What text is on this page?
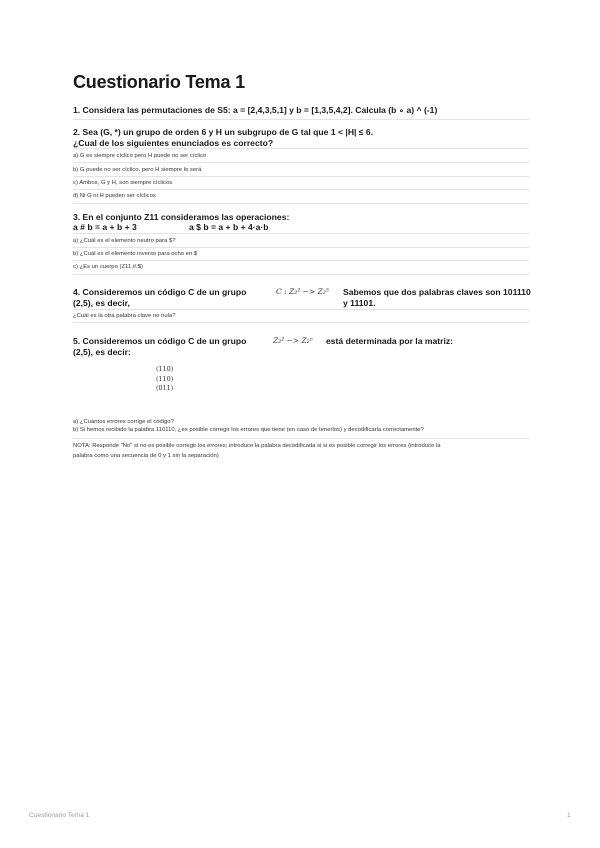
Cuestionario Tema 1
1. Considera las permutaciones de S5: a = [2,4,3,5,1] y b = [1,3,5,4,2]. Calcula (b ∘ a) ^ (-1)
2. Sea (G, *) un grupo de orden 6 y H un subgrupo de G tal que 1 < |H| ≤ 6.
¿Cual de los siguientes enunciados es correcto?
a) G es siempre cíclico pero H puede no ser cíclico
b) G puede no ser cíclico, pero H siempre lo será
c) Ambos, G y H, son siempre cíclicos
d) Ni G ni H pueden ser cíclicos
3. En el conjunto Z11 consideramos las operaciones:
a # b = a + b + 3	a $ b = a + b + 4·a·b
a) ¿Cuál es el elemento neutro para $?
b) ¿Cuál es el elemento inverso para ocho en $
c) ¿Es un cuerpo (Z11,#,$)
4. Consideremos un código C de un grupo
(2,5), es decir,
C : Z₂² −> Z₂⁵ Sabemos que dos palabras claves son 101110
y 11101.
¿Cuál es la otra palabra clave no nula?
5. Consideremos un código C de un grupo
(2,5), es decir:
Z₂² −> Z₂ⁿ está determinada por la matriz:
(110)
(110)
(011)
a) ¿Cuántos errores corrige el código?
b) Si hemos recibido la palabra 110110, ¿es posible corregir los errores que tiene (en caso de tenerlos) y decodificarla correctamente?
NOTA: Responde "No" si no es posible corregir los errores; introduce la palabra decodificada si si es posible corregir los errores (introduce la
palabra como una secuencia de 0 y 1 sin la separación)
Cuestionario Tema 1	1
